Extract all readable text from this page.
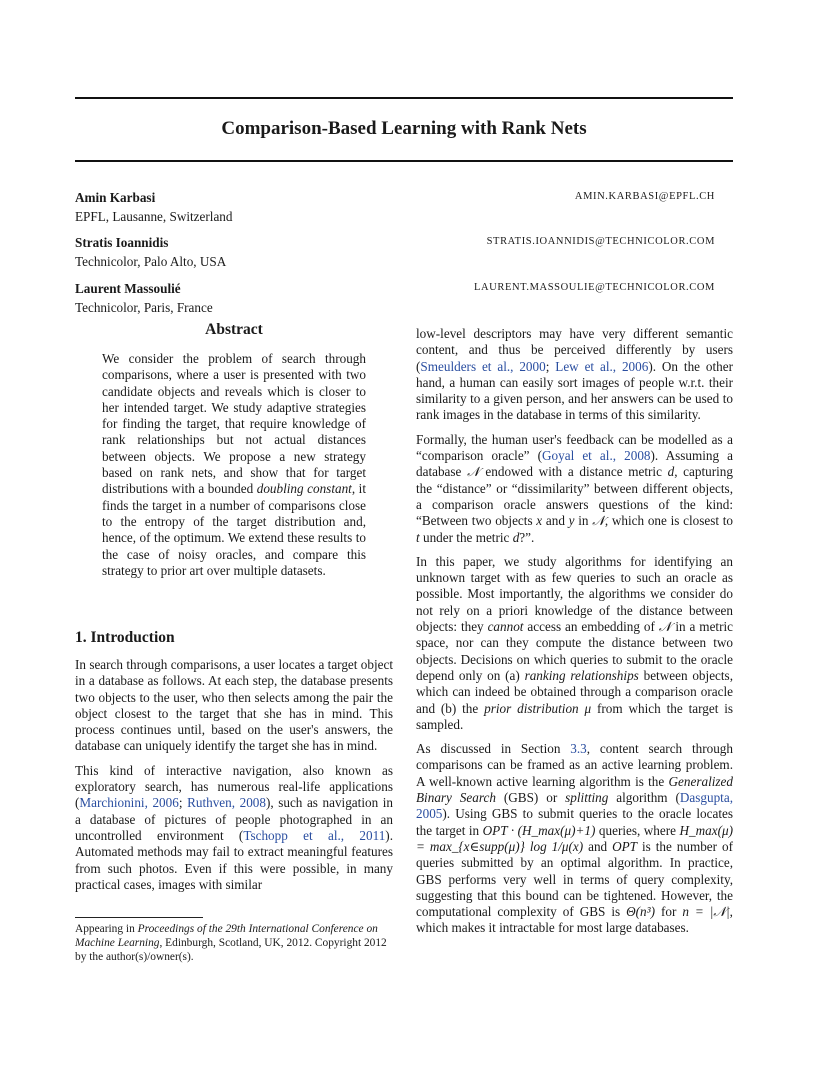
Comparison-Based Learning with Rank Nets
Amin Karbasi
EPFL, Lausanne, Switzerland
AMIN.KARBASI@EPFL.CH
Stratis Ioannidis
Technicolor, Palo Alto, USA
STRATIS.IOANNIDIS@TECHNICOLOR.COM
Laurent Massoulié
Technicolor, Paris, France
LAURENT.MASSOULIE@TECHNICOLOR.COM
Abstract

We consider the problem of search through comparisons, where a user is presented with two candidate objects and reveals which is closer to her intended target. We study adaptive strategies for finding the target, that require knowledge of rank relationships but not actual distances between objects. We propose a new strategy based on rank nets, and show that for target distributions with a bounded doubling constant, it finds the target in a number of comparisons close to the entropy of the target distribution and, hence, of the optimum. We extend these results to the case of noisy oracles, and compare this strategy to prior art over multiple datasets.

1. Introduction

In search through comparisons, a user locates a target object in a database as follows. At each step, the database presents two objects to the user, who then selects among the pair the object closest to the target that she has in mind. This process continues until, based on the user's answers, the database can uniquely identify the target she has in mind.

This kind of interactive navigation, also known as exploratory search, has numerous real-life applications (Marchionini, 2006; Ruthven, 2008), such as navigation in a database of pictures of people photographed in an uncontrolled environment (Tschopp et al., 2011). Automated methods may fail to extract meaningful features from such photos. Even if this were possible, in many practical cases, images with similar

low-level descriptors may have very different semantic content, and thus be perceived differently by users (Smeulders et al., 2000; Lew et al., 2006). On the other hand, a human can easily sort images of people w.r.t. their similarity to a given person, and her answers can be used to rank images in the database in terms of this similarity.

Formally, the human user's feedback can be modelled as a “comparison oracle” (Goyal et al., 2008). Assuming a database 𝒩 endowed with a distance metric d, capturing the “distance” or “dissimilarity” between different objects, a comparison oracle answers questions of the kind: “Between two objects x and y in 𝒩, which one is closest to t under the metric d?”.

In this paper, we study algorithms for identifying an unknown target with as few queries to such an oracle as possible. Most importantly, the algorithms we consider do not rely on a priori knowledge of the distance between objects: they cannot access an embedding of 𝒩 in a metric space, nor can they compute the distance between two objects. Decisions on which queries to submit to the oracle depend only on (a) ranking relationships between objects, which can indeed be obtained through a comparison oracle and (b) the prior distribution μ from which the target is sampled.

As discussed in Section 3.3, content search through comparisons can be framed as an active learning problem. A well-known active learning algorithm is the Generalized Binary Search (GBS) or splitting algorithm (Dasgupta, 2005). Using GBS to submit queries to the oracle locates the target in OPT · (H_max(μ)+1) queries, where H_max(μ) = max_{x∈supp(μ)} log 1/μ(x) and OPT is the number of queries submitted by an optimal algorithm. In practice, GBS performs very well in terms of query complexity, suggesting that this bound can be tightened. However, the computational complexity of GBS is Θ(n³) for n = |𝒩|, which makes it intractable for most large databases.

Appearing in Proceedings of the 29th International Conference on Machine Learning, Edinburgh, Scotland, UK, 2012. Copyright 2012 by the author(s)/owner(s).
